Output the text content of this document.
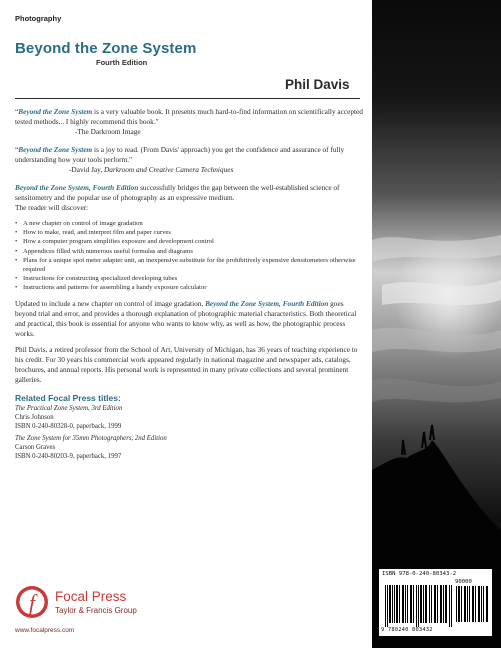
Photography
Beyond the Zone System
Fourth Edition
Phil Davis

“Beyond the Zone System is a very valuable book. It presents much hard-to-find information on scientifically accepted tested methods... I highly recommend this book."

-The Darkroom Image

“Beyond the Zone System is a joy to read. (From Davis' approach) you get the confidence and assurance of fully understanding how your tools perform."

-David Jay, Darkroom and Creative Camera Techniques

Beyond the Zone System, Fourth Edition successfully bridges the gap between the well-established science of sensitometry and the popular use of photography as an expressive medium.

The reader will discover:

• A new chapter on control of image gradation
• How to make, read, and interpret film and paper curves
• How a computer program simplifies exposure and development control
• Appendices filled with numerous useful formulas and diagrams
• Plans for a unique spot meter adapter unit, an inexpensive substitute for the prohibitively expensive densitometers otherwise required
• Instructions for constructing specialized developing tubes
• Instructions and patterns for assembling a handy exposure calculator

Updated to include a new chapter on control of image gradation, Beyond the Zone System, Fourth Edition goes beyond trial and error, and provides a thorough explanation of photographic material characteristics. Both theoretical and practical, this book is essential for anyone who wants to know why, as well as how, the photographic process works.

Phil Davis, a retired professor from the School of Art, University of Michigan, has 36 years of teaching experience to his credit. For 30 years his commercial work appeared regularly in national magazine and newspaper ads, catalogs, brochures, and annual reports. His personal work is represented in many private collections and several prominent galleries.

Related Focal Press titles:
The Practical Zone System, 3rd Edition
Chris Johnson
ISBN 0-240-80328-0, paperback, 1999
The Zone System for 35mm Photographers, 2nd Edition
Carson Graves
ISBN 0-240-80203-9, paperback, 1997
f Focal Press
Taylor & Francis Group
www.focalpress.com
ISBN 978-0-240-80343-2
90000
9 780240 803432
